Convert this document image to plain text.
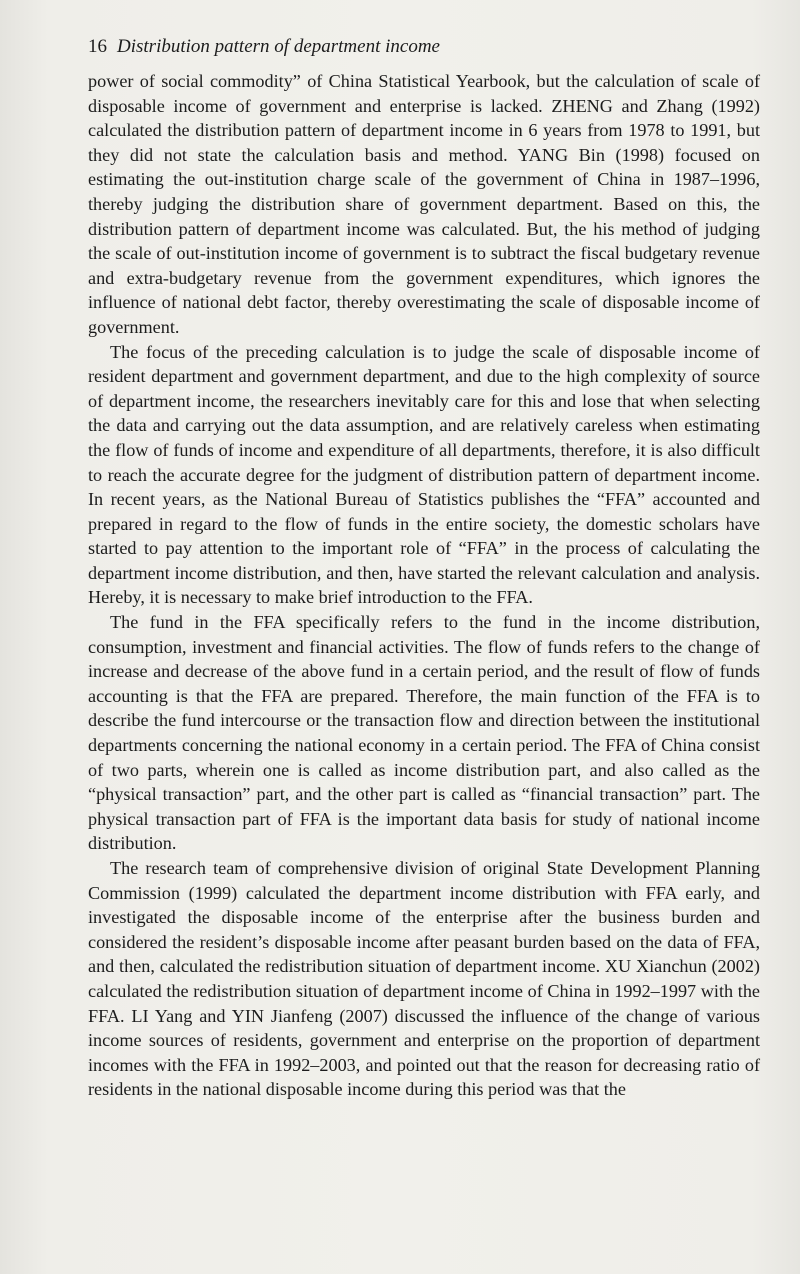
16 Distribution pattern of department income

power of social commodity” of China Statistical Yearbook, but the calculation of scale of disposable income of government and enterprise is lacked. ZHENG and Zhang (1992) calculated the distribution pattern of department income in 6 years from 1978 to 1991, but they did not state the calculation basis and method. YANG Bin (1998) focused on estimating the out-institution charge scale of the government of China in 1987–1996, thereby judging the distribution share of government department. Based on this, the distribution pattern of department income was calculated. But, the his method of judging the scale of out-institution income of government is to subtract the fiscal budgetary revenue and extra-budgetary revenue from the government expenditures, which ignores the influence of national debt factor, thereby overestimating the scale of disposable income of government.

The focus of the preceding calculation is to judge the scale of disposable income of resident department and government department, and due to the high complexity of source of department income, the researchers inevitably care for this and lose that when selecting the data and carrying out the data assumption, and are relatively careless when estimating the flow of funds of income and expenditure of all departments, therefore, it is also difficult to reach the accurate degree for the judgment of distribution pattern of department income. In recent years, as the National Bureau of Statistics publishes the “FFA” accounted and prepared in regard to the flow of funds in the entire society, the domestic scholars have started to pay attention to the important role of “FFA” in the process of calculating the department income distribution, and then, have started the relevant calculation and analysis. Hereby, it is necessary to make brief introduction to the FFA.

The fund in the FFA specifically refers to the fund in the income distribution, consumption, investment and financial activities. The flow of funds refers to the change of increase and decrease of the above fund in a certain period, and the result of flow of funds accounting is that the FFA are prepared. Therefore, the main function of the FFA is to describe the fund intercourse or the transaction flow and direction between the institutional departments concerning the national economy in a certain period. The FFA of China consist of two parts, wherein one is called as income distribution part, and also called as the “physical transaction” part, and the other part is called as “financial transaction” part. The physical transaction part of FFA is the important data basis for study of national income distribution.

The research team of comprehensive division of original State Development Planning Commission (1999) calculated the department income distribution with FFA early, and investigated the disposable income of the enterprise after the business burden and considered the resident’s disposable income after peasant burden based on the data of FFA, and then, calculated the redistribution situation of department income. XU Xianchun (2002) calculated the redistribution situation of department income of China in 1992–1997 with the FFA. LI Yang and YIN Jianfeng (2007) discussed the influence of the change of various income sources of residents, government and enterprise on the proportion of department incomes with the FFA in 1992–2003, and pointed out that the reason for decreasing ratio of residents in the national disposable income during this period was that the
